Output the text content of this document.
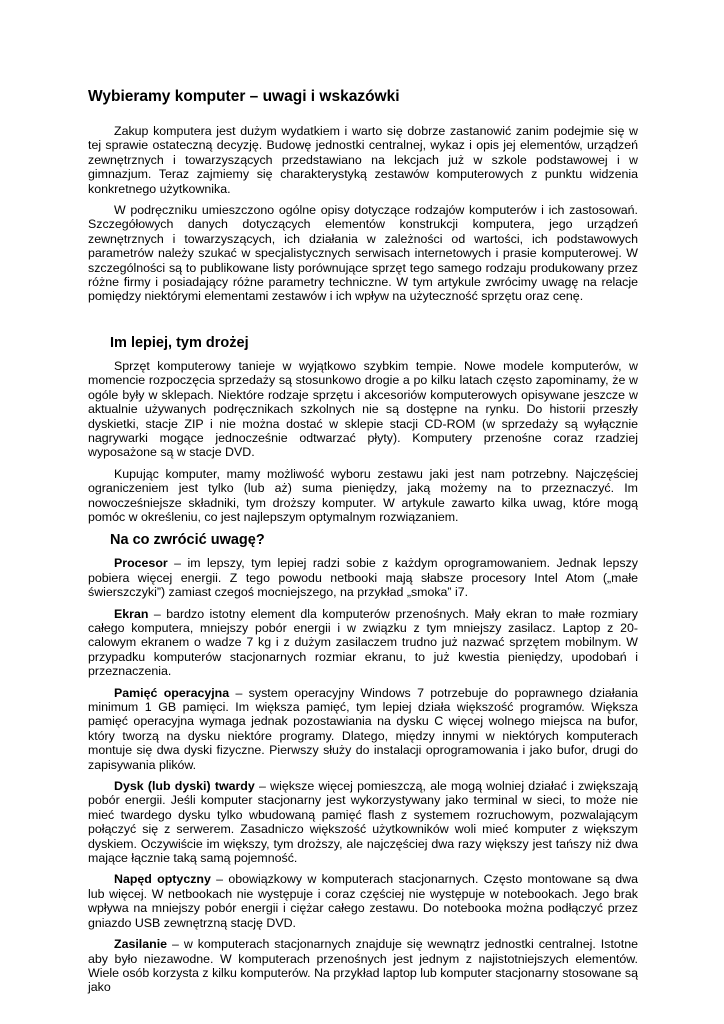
Wybieramy komputer – uwagi i wskazówki

Zakup komputera jest dużym wydatkiem i warto się dobrze zastanowić zanim podejmie się w tej sprawie ostateczną decyzję. Budowę jednostki centralnej, wykaz i opis jej elementów, urządzeń zewnętrznych i towarzyszących przedstawiano na lekcjach już w szkole podstawowej i w gimnazjum. Teraz zajmiemy się charakterystyką zestawów komputerowych z punktu widzenia konkretnego użytkownika.

W podręczniku umieszczono ogólne opisy dotyczące rodzajów komputerów i ich zastosowań. Szczegółowych danych dotyczących elementów konstrukcji komputera, jego urządzeń zewnętrznych i towarzyszących, ich działania w zależności od wartości, ich podstawowych parametrów należy szukać w specjalistycznych serwisach internetowych i prasie komputerowej. W szczególności są to publikowane listy porównujące sprzęt tego samego rodzaju produkowany przez różne firmy i posiadający różne parametry techniczne. W tym artykule zwrócimy uwagę na relacje pomiędzy niektórymi elementami zestawów i ich wpływ na użyteczność sprzętu oraz cenę.

Im lepiej, tym drożej

Sprzęt komputerowy tanieje w wyjątkowo szybkim tempie. Nowe modele komputerów, w momencie rozpoczęcia sprzedaży są stosunkowo drogie a po kilku latach często zapominamy, że w ogóle były w sklepach. Niektóre rodzaje sprzętu i akcesoriów komputerowych opisywane jeszcze w aktualnie używanych podręcznikach szkolnych nie są dostępne na rynku. Do historii przeszły dyskietki, stacje ZIP i nie można dostać w sklepie stacji CD-ROM (w sprzedaży są wyłącznie nagrywarki mogące jednocześnie odtwarzać płyty). Komputery przenośne coraz rzadziej wyposażone są w stacje DVD.

Kupując komputer, mamy możliwość wyboru zestawu jaki jest nam potrzebny. Najczęściej ograniczeniem jest tylko (lub aż) suma pieniędzy, jaką możemy na to przeznaczyć. Im nowocześniejsze składniki, tym droższy komputer. W artykule zawarto kilka uwag, które mogą pomóc w określeniu, co jest najlepszym optymalnym rozwiązaniem.

Na co zwrócić uwagę?

Procesor – im lepszy, tym lepiej radzi sobie z każdym oprogramowaniem. Jednak lepszy pobiera więcej energii. Z tego powodu netbooki mają słabsze procesory Intel Atom („małe świerszczyki”) zamiast czegoś mocniejszego, na przykład „smoka” i7.

Ekran – bardzo istotny element dla komputerów przenośnych. Mały ekran to małe rozmiary całego komputera, mniejszy pobór energii i w związku z tym mniejszy zasilacz. Laptop z 20-calowym ekranem o wadze 7 kg i z dużym zasilaczem trudno już nazwać sprzętem mobilnym. W przypadku komputerów stacjonarnych rozmiar ekranu, to już kwestia pieniędzy, upodobań i przeznaczenia.

Pamięć operacyjna – system operacyjny Windows 7 potrzebuje do poprawnego działania minimum 1 GB pamięci. Im większa pamięć, tym lepiej działa większość programów. Większa pamięć operacyjna wymaga jednak pozostawiania na dysku C więcej wolnego miejsca na bufor, który tworzą na dysku niektóre programy. Dlatego, między innymi w niektórych komputerach montuje się dwa dyski fizyczne. Pierwszy służy do instalacji oprogramowania i jako bufor, drugi do zapisywania plików.

Dysk (lub dyski) twardy – większe więcej pomieszczą, ale mogą wolniej działać i zwiększają pobór energii. Jeśli komputer stacjonarny jest wykorzystywany jako terminal w sieci, to może nie mieć twardego dysku tylko wbudowaną pamięć flash z systemem rozruchowym, pozwalającym połączyć się z serwerem. Zasadniczo większość użytkowników woli mieć komputer z większym dyskiem. Oczywiście im większy, tym droższy, ale najczęściej dwa razy większy jest tańszy niż dwa mające łącznie taką samą pojemność.

Napęd optyczny – obowiązkowy w komputerach stacjonarnych. Często montowane są dwa lub więcej. W netbookach nie występuje i coraz częściej nie występuje w notebookach. Jego brak wpływa na mniejszy pobór energii i ciężar całego zestawu. Do notebooka można podłączyć przez gniazdo USB zewnętrzną stację DVD.

Zasilanie – w komputerach stacjonarnych znajduje się wewnątrz jednostki centralnej. Istotne aby było niezawodne. W komputerach przenośnych jest jednym z najistotniejszych elementów. Wiele osób korzysta z kilku komputerów. Na przykład laptop lub komputer stacjonarny stosowane są jako
